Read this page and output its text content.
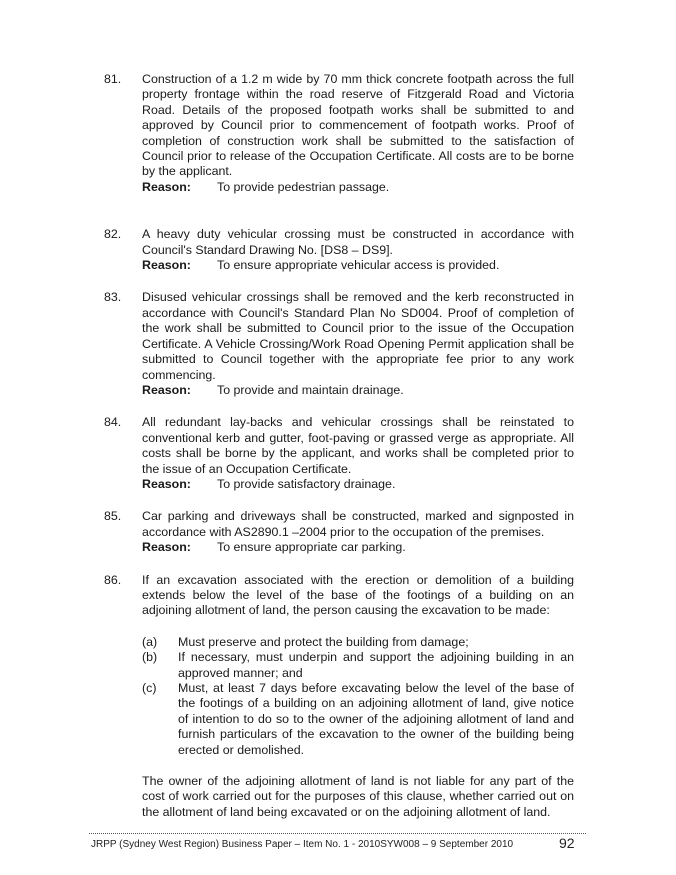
81. Construction of a 1.2 m wide by 70 mm thick concrete footpath across the full property frontage within the road reserve of Fitzgerald Road and Victoria Road. Details of the proposed footpath works shall be submitted to and approved by Council prior to commencement of footpath works. Proof of completion of construction work shall be submitted to the satisfaction of Council prior to release of the Occupation Certificate. All costs are to be borne by the applicant.
Reason: To provide pedestrian passage.
82. A heavy duty vehicular crossing must be constructed in accordance with Council's Standard Drawing No. [DS8 – DS9].
Reason: To ensure appropriate vehicular access is provided.
83. Disused vehicular crossings shall be removed and the kerb reconstructed in accordance with Council's Standard Plan No SD004. Proof of completion of the work shall be submitted to Council prior to the issue of the Occupation Certificate. A Vehicle Crossing/Work Road Opening Permit application shall be submitted to Council together with the appropriate fee prior to any work commencing.
Reason: To provide and maintain drainage.
84. All redundant lay-backs and vehicular crossings shall be reinstated to conventional kerb and gutter, foot-paving or grassed verge as appropriate. All costs shall be borne by the applicant, and works shall be completed prior to the issue of an Occupation Certificate.
Reason: To provide satisfactory drainage.
85. Car parking and driveways shall be constructed, marked and signposted in accordance with AS2890.1 –2004 prior to the occupation of the premises.
Reason: To ensure appropriate car parking.
86. If an excavation associated with the erection or demolition of a building extends below the level of the base of the footings of a building on an adjoining allotment of land, the person causing the excavation to be made:
(a) Must preserve and protect the building from damage;
(b) If necessary, must underpin and support the adjoining building in an approved manner; and
(c) Must, at least 7 days before excavating below the level of the base of the footings of a building on an adjoining allotment of land, give notice of intention to do so to the owner of the adjoining allotment of land and furnish particulars of the excavation to the owner of the building being erected or demolished.
The owner of the adjoining allotment of land is not liable for any part of the cost of work carried out for the purposes of this clause, whether carried out on the allotment of land being excavated or on the adjoining allotment of land.
JRPP (Sydney West Region) Business Paper – Item No. 1 - 2010SYW008 – 9 September 2010	92
